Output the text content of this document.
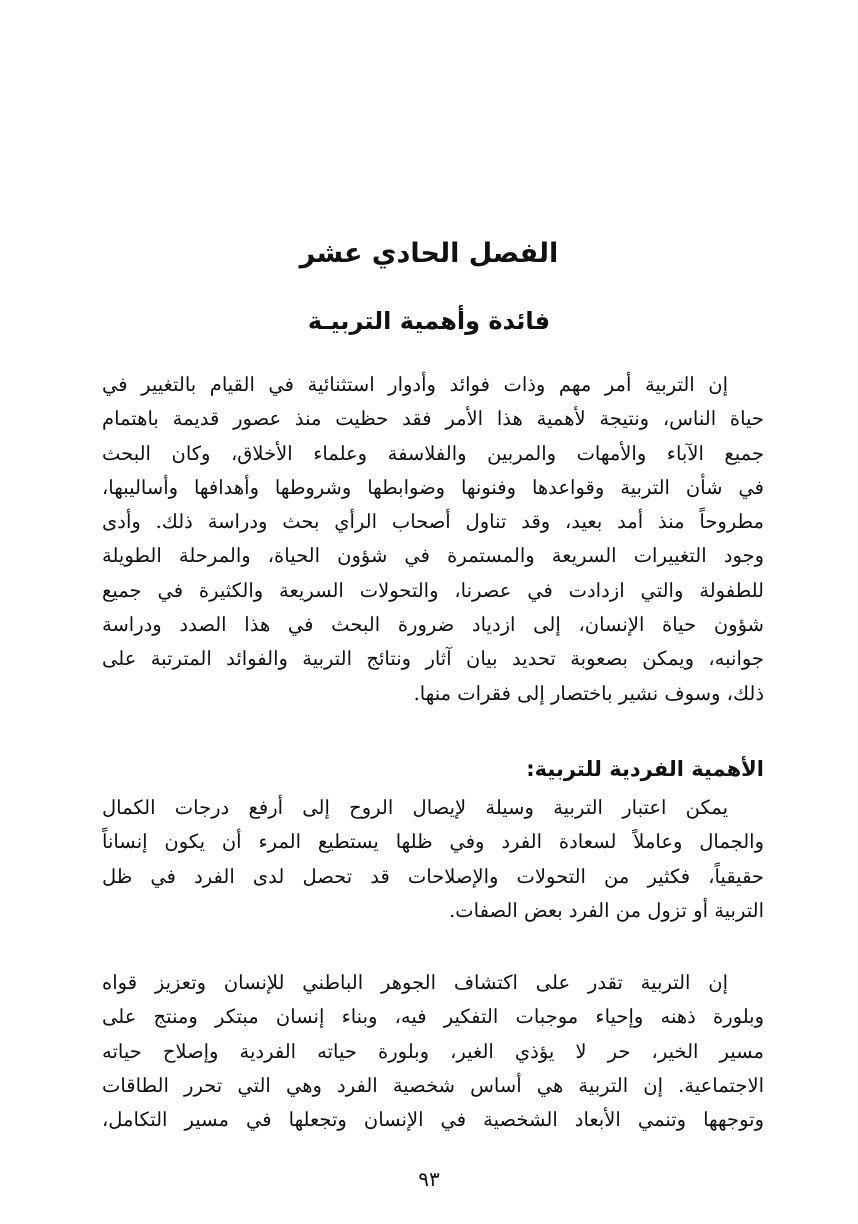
الفصل الحادي عشر
فائدة وأهمية التربيـة
إن التربية أمر مهم وذات فوائد وأدوار استثنائية في القيام بالتغيير في
حياة الناس، ونتيجة لأهمية هذا الأمر فقد حظيت منذ عصور قديمة باهتمام
جميع الآباء والأمهات والمربين والفلاسفة وعلماء الأخلاق، وكان البحث
في شأن التربية وقواعدها وفنونها وضوابطها وشروطها وأهدافها وأساليبها،
مطروحاً منذ أمد بعيد، وقد تناول أصحاب الرأي بحث ودراسة ذلك. وأدى
وجود التغييرات السريعة والمستمرة في شؤون الحياة، والمرحلة الطويلة
للطفولة والتي ازدادت في عصرنا، والتحولات السريعة والكثيرة في جميع
شؤون حياة الإنسان، إلى ازدياد ضرورة البحث في هذا الصدد ودراسة
جوانبه، ويمكن بصعوبة تحديد بيان آثار ونتائج التربية والفوائد المترتبة على
ذلك، وسوف نشير باختصار إلى فقرات منها.
الأهمية الفردية للتربية:
يمكن اعتبار التربية وسيلة لإيصال الروح إلى أرفع درجات الكمال
والجمال وعاملاً لسعادة الفرد وفي ظلها يستطيع المرء أن يكون إنساناً
حقيقياً، فكثير من التحولات والإصلاحات قد تحصل لدى الفرد في ظل
التربية أو تزول من الفرد بعض الصفات.
إن التربية تقدر على اكتشاف الجوهر الباطني للإنسان وتعزيز قواه
وبلورة ذهنه وإحياء موجبات التفكير فيه، وبناء إنسان مبتكر ومنتج على
مسير الخير، حر لا يؤذي الغير، وبلورة حياته الفردية وإصلاح حياته
الاجتماعية. إن التربية هي أساس شخصية الفرد وهي التي تحرر الطاقات
وتوجهها وتنمي الأبعاد الشخصية في الإنسان وتجعلها في مسير التكامل،
٩٣
